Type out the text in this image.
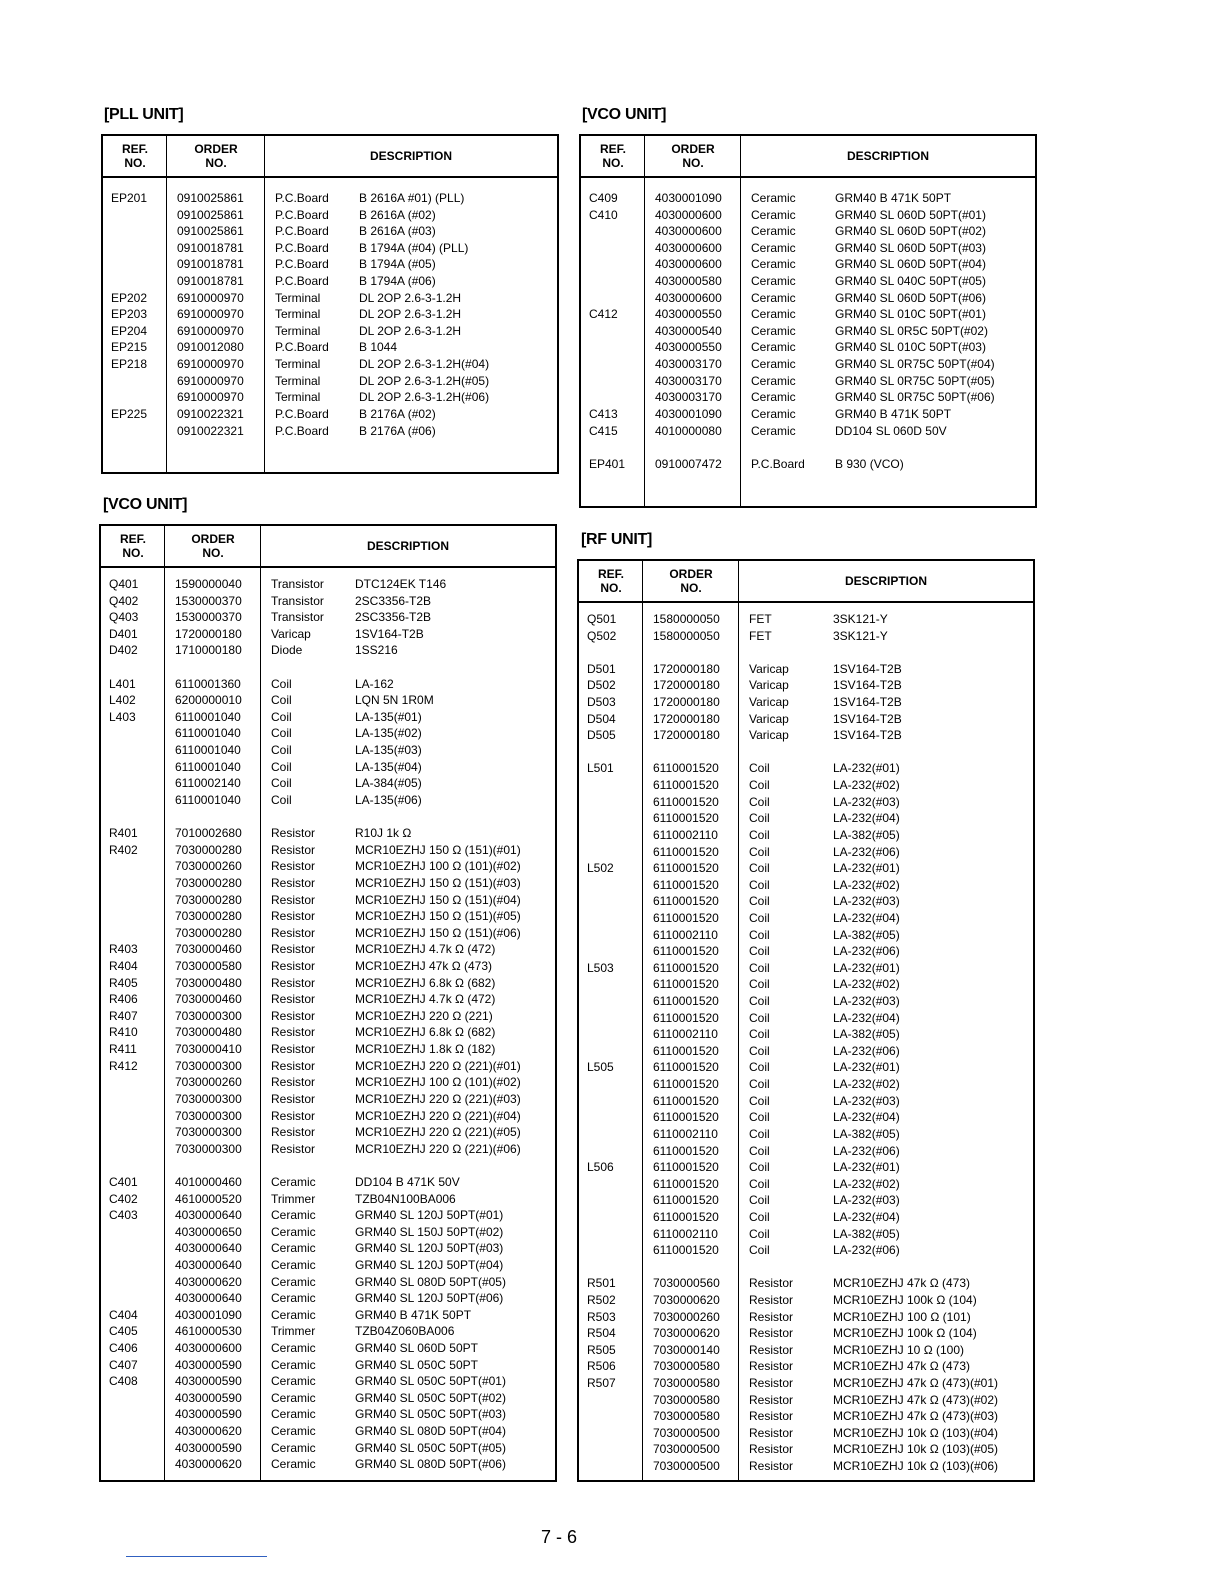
[PLL UNIT]
REF.
NO.
ORDER
NO.	DESCRIPTION
EP201 0910025861	P.C.Board	B 2616A #01) (PLL)
0910025861	P.C.Board	B 2616A (#02)
0910025861	P.C.Board	B 2616A (#03)
0910018781	P.C.Board	B 1794A (#04) (PLL)
0910018781	P.C.Board	B 1794A (#05)
0910018781	P.C.Board	B 1794A (#06)
EP202 6910000970	Terminal	DL 2OP 2.6-3-1.2H
EP203 6910000970	Terminal	DL 2OP 2.6-3-1.2H
EP204 6910000970	Terminal	DL 2OP 2.6-3-1.2H
EP215 0910012080	P.C.Board	B 1044
EP218 6910000970	Terminal	DL 2OP 2.6-3-1.2H(#04)
6910000970	Terminal	DL 2OP 2.6-3-1.2H(#05)
6910000970	Terminal	DL 2OP 2.6-3-1.2H(#06)
EP225 0910022321	P.C.Board	B 2176A (#02)
0910022321	P.C.Board	B 2176A (#06)
[VCO UNIT]
REF.
NO.
ORDER
NO.	DESCRIPTION
C409	4030001090 Ceramic	GRM40 B 471K 50PT
C410	4030000600 Ceramic	GRM40 SL 060D 50PT(#01)
4030000600 Ceramic	GRM40 SL 060D 50PT(#02)
4030000600 Ceramic	GRM40 SL 060D 50PT(#03)
4030000600 Ceramic	GRM40 SL 060D 50PT(#04)
4030000580 Ceramic	GRM40 SL 040C 50PT(#05)
4030000600 Ceramic	GRM40 SL 060D 50PT(#06)
C412	4030000550 Ceramic	GRM40 SL 010C 50PT(#01)
4030000540 Ceramic	GRM40 SL 0R5C 50PT(#02)
4030000550 Ceramic	GRM40 SL 010C 50PT(#03)
4030003170 Ceramic	GRM40 SL 0R75C 50PT(#04)
4030003170 Ceramic	GRM40 SL 0R75C 50PT(#05)
4030003170 Ceramic	GRM40 SL 0R75C 50PT(#06)
C413	4030001090 Ceramic	GRM40 B 471K 50PT
C415	4010000080 Ceramic	DD104 SL 060D 50V
EP401 0910007472 P.C.Board	B 930 (VCO)
[VCO UNIT]
REF.
NO.
ORDER
NO.	DESCRIPTION
Q401	1590000040 Transistor	DTC124EK T146
Q402	1530000370 Transistor	2SC3356-T2B
Q403	1530000370 Transistor	2SC3356-T2B
D401	1720000180 Varicap	1SV164-T2B
D402	1710000180 Diode	1SS216
L401	6110001360	Coil	LA-162
L402	6200000010 Coil	LQN 5N 1R0M
L403	6110001040	Coil	LA-135(#01)
6110001040	Coil	LA-135(#02)
6110001040	Coil	LA-135(#03)
6110001040	Coil	LA-135(#04)
6110002140	Coil	LA-384(#05)
6110001040	Coil	LA-135(#06)
R401	7010002680 Resistor	R10J 1k Ω
R402	7030000280 Resistor	MCR10EZHJ 150 Ω (151)(#01)
7030000260 Resistor	MCR10EZHJ 100 Ω (101)(#02)
7030000280 Resistor	MCR10EZHJ 150 Ω (151)(#03)
7030000280 Resistor	MCR10EZHJ 150 Ω (151)(#04)
7030000280 Resistor	MCR10EZHJ 150 Ω (151)(#05)
7030000280 Resistor	MCR10EZHJ 150 Ω (151)(#06)
R403	7030000460 Resistor	MCR10EZHJ 4.7k Ω (472)
R404	7030000580 Resistor	MCR10EZHJ 47k Ω (473)
R405	7030000480 Resistor	MCR10EZHJ 6.8k Ω (682)
R406	7030000460 Resistor	MCR10EZHJ 4.7k Ω (472)
R407	7030000300 Resistor	MCR10EZHJ 220 Ω (221)
R410	7030000480 Resistor	MCR10EZHJ 6.8k Ω (682)
R411	7030000410 Resistor	MCR10EZHJ 1.8k Ω (182)
R412	7030000300 Resistor	MCR10EZHJ 220 Ω (221)(#01)
7030000260 Resistor	MCR10EZHJ 100 Ω (101)(#02)
7030000300 Resistor	MCR10EZHJ 220 Ω (221)(#03)
7030000300 Resistor	MCR10EZHJ 220 Ω (221)(#04)
7030000300 Resistor	MCR10EZHJ 220 Ω (221)(#05)
7030000300 Resistor	MCR10EZHJ 220 Ω (221)(#06)
C401	4010000460 Ceramic	DD104 B 471K 50V
C402	4610000520 Trimmer	TZB04N100BA006
C403	4030000640 Ceramic	GRM40 SL 120J 50PT(#01)
4030000650 Ceramic	GRM40 SL 150J 50PT(#02)
4030000640 Ceramic	GRM40 SL 120J 50PT(#03)
4030000640 Ceramic	GRM40 SL 120J 50PT(#04)
4030000620 Ceramic	GRM40 SL 080D 50PT(#05)
4030000640 Ceramic	GRM40 SL 120J 50PT(#06)
C404	4030001090 Ceramic	GRM40 B 471K 50PT
C405	4610000530 Trimmer	TZB04Z060BA006
C406	4030000600 Ceramic	GRM40 SL 060D 50PT
C407	4030000590 Ceramic	GRM40 SL 050C 50PT
C408	4030000590 Ceramic	GRM40 SL 050C 50PT(#01)
4030000590 Ceramic	GRM40 SL 050C 50PT(#02)
4030000590 Ceramic	GRM40 SL 050C 50PT(#03)
4030000620 Ceramic	GRM40 SL 080D 50PT(#04)
4030000590 Ceramic	GRM40 SL 050C 50PT(#05)
4030000620 Ceramic	GRM40 SL 080D 50PT(#06)
[RF UNIT]
REF.
NO.
ORDER
NO.	DESCRIPTION
Q501	1580000050 FET	3SK121-Y
Q502	1580000050 FET	3SK121-Y
D501	1720000180 Varicap	1SV164-T2B
D502	1720000180 Varicap	1SV164-T2B
D503	1720000180 Varicap	1SV164-T2B
D504	1720000180 Varicap	1SV164-T2B
D505	1720000180 Varicap	1SV164-T2B
L501	6110001520	Coil	LA-232(#01)
6110001520	Coil	LA-232(#02)
6110001520	Coil	LA-232(#03)
6110001520	Coil	LA-232(#04)
6110002110	Coil	LA-382(#05)
6110001520	Coil	LA-232(#06)
L502	6110001520	Coil	LA-232(#01)
6110001520	Coil	LA-232(#02)
6110001520	Coil	LA-232(#03)
6110001520	Coil	LA-232(#04)
6110002110	Coil	LA-382(#05)
6110001520	Coil	LA-232(#06)
L503	6110001520	Coil	LA-232(#01)
6110001520	Coil	LA-232(#02)
6110001520	Coil	LA-232(#03)
6110001520	Coil	LA-232(#04)
6110002110	Coil	LA-382(#05)
6110001520	Coil	LA-232(#06)
L505	6110001520	Coil	LA-232(#01)
6110001520	Coil	LA-232(#02)
6110001520	Coil	LA-232(#03)
6110001520	Coil	LA-232(#04)
6110002110	Coil	LA-382(#05)
6110001520	Coil	LA-232(#06)
L506	6110001520	Coil	LA-232(#01)
6110001520	Coil	LA-232(#02)
6110001520	Coil	LA-232(#03)
6110001520	Coil	LA-232(#04)
6110002110	Coil	LA-382(#05)
6110001520	Coil	LA-232(#06)
R501	7030000560 Resistor	MCR10EZHJ 47k Ω (473)
R502	7030000620 Resistor	MCR10EZHJ 100k Ω (104)
R503	7030000260 Resistor	MCR10EZHJ 100 Ω (101)
R504	7030000620 Resistor	MCR10EZHJ 100k Ω (104)
R505	7030000140 Resistor	MCR10EZHJ 10 Ω (100)
R506	7030000580 Resistor	MCR10EZHJ 47k Ω (473)
R507	7030000580 Resistor	MCR10EZHJ 47k Ω (473)(#01)
7030000580 Resistor	MCR10EZHJ 47k Ω (473)(#02)
7030000580 Resistor	MCR10EZHJ 47k Ω (473)(#03)
7030000500 Resistor	MCR10EZHJ 10k Ω (103)(#04)
7030000500 Resistor	MCR10EZHJ 10k Ω (103)(#05)
7030000500 Resistor	MCR10EZHJ 10k Ω (103)(#06)
7 - 6
